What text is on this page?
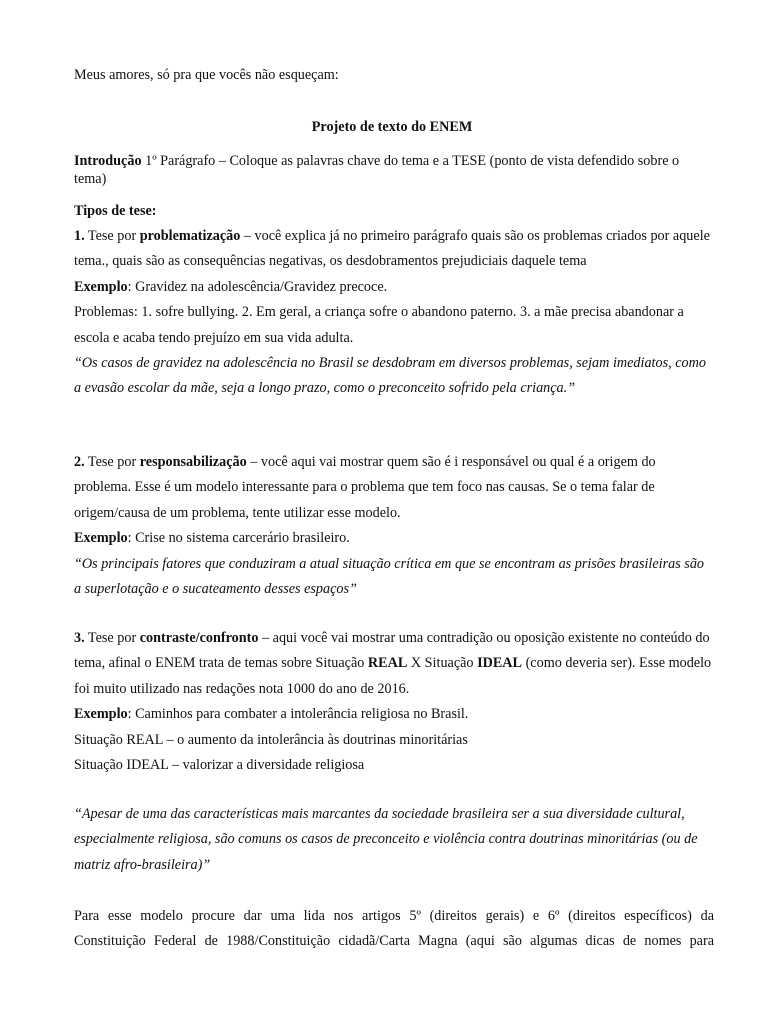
Meus amores, só pra que vocês não esqueçam:

Projeto de texto do ENEM

Introdução 1º Parágrafo – Coloque as palavras chave do tema e a TESE (ponto de vista defendido sobre o tema)

Tipos de tese:

1. Tese por problematização – você explica já no primeiro parágrafo quais são os problemas criados por aquele tema., quais são as consequências negativas, os desdobramentos prejudiciais daquele tema
Exemplo: Gravidez na adolescência/Gravidez precoce.
Problemas: 1. sofre bullying. 2. Em geral, a criança sofre o abandono paterno. 3. a mãe precisa abandonar a escola e acaba tendo prejuízo em sua vida adulta.
“Os casos de gravidez na adolescência no Brasil se desdobram em diversos problemas, sejam imediatos, como a evasão escolar da mãe, seja a longo prazo, como o preconceito sofrido pela criança.”
2. Tese por responsabilização – você aqui vai mostrar quem são é i responsável ou qual é a origem do problema. Esse é um modelo interessante para o problema que tem foco nas causas. Se o tema falar de origem/causa de um problema, tente utilizar esse modelo.
Exemplo: Crise no sistema carcerário brasileiro.
“Os principais fatores que conduziram a atual situação crítica em que se encontram as prisões brasileiras são a superlotação e o sucateamento desses espaços”
3. Tese por contraste/confronto – aqui você vai mostrar uma contradição ou oposição existente no conteúdo do tema, afinal o ENEM trata de temas sobre Situação REAL X Situação IDEAL (como deveria ser). Esse modelo foi muito utilizado nas redações nota 1000 do ano de 2016.
Exemplo: Caminhos para combater a intolerância religiosa no Brasil.
Situação REAL – o aumento da intolerância às doutrinas minoritárias
Situação IDEAL – valorizar a diversidade religiosa
“Apesar de uma das características mais marcantes da sociedade brasileira ser a sua diversidade cultural, especialmente religiosa, são comuns os casos de preconceito e violência contra doutrinas minoritárias (ou de matriz afro-brasileira)”
Para esse modelo procure dar uma lida nos artigos 5º (direitos gerais) e 6º (direitos específicos) da
Constituição Federal de 1988/Constituição cidadã/Carta Magna (aqui são algumas dicas de nomes para
